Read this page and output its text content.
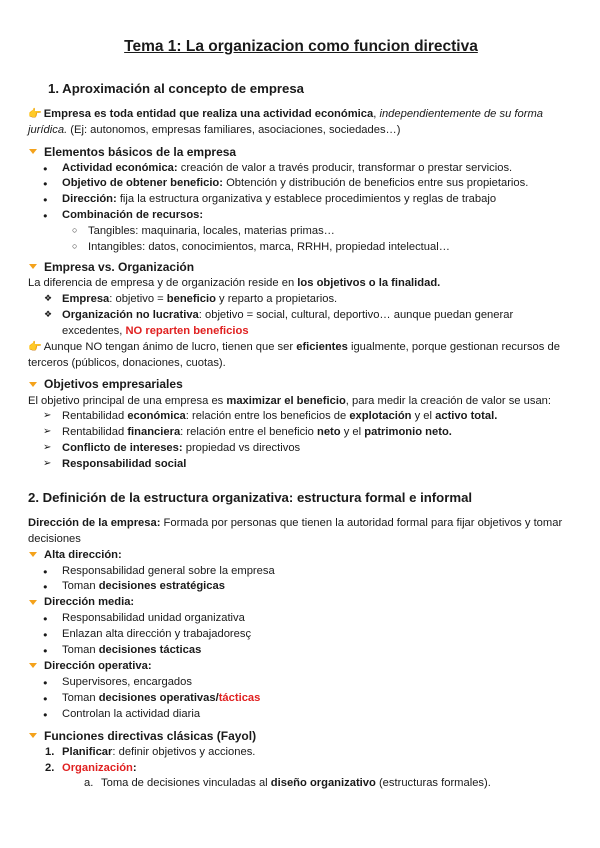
Tema 1: La organizacion como funcion directiva
1. Aproximación al concepto de empresa

👉 Empresa es toda entidad que realiza una actividad económica, independientemente de su forma jurídica. (Ej: autonomos, empresas familiares, asociaciones, sociedades…)

Elementos básicos de la empresa
● Actividad económica: creación de valor a través producir, transformar o prestar servicios.
● Objetivo de obtener beneficio: Obtención y distribución de beneficios entre sus propietarios.
● Dirección: fija la estructura organizativa y establece procedimientos y reglas de trabajo
● Combinación de recursos:
○ Tangibles: maquinaria, locales, materias primas…
○ Intangibles: datos, conocimientos, marca, RRHH, propiedad intelectual…
Empresa vs. Organización

La diferencia de empresa y de organización reside en los objetivos o la finalidad.

❖ Empresa: objetivo = beneficio y reparto a propietarios.
❖ Organización no lucrativa: objetivo = social, cultural, deportivo… aunque puedan generar excedentes, NO reparten beneficios

👉 Aunque NO tengan ánimo de lucro, tienen que ser eficientes igualmente, porque gestionan recursos de terceros (públicos, donaciones, cuotas).

Objetivos empresariales

El objetivo principal de una empresa es maximizar el beneficio, para medir la creación de valor se usan:

➢ Rentabilidad económica: relación entre los beneficios de explotación y el activo total.
➢ Rentabilidad financiera: relación entre el beneficio neto y el patrimonio neto.
➢ Conflicto de intereses: propiedad vs directivos
➢ Responsabilidad social
2. Definición de la estructura organizativa: estructura formal e informal

Dirección de la empresa: Formada por personas que tienen la autoridad formal para fijar objetivos y tomar decisiones

Alta dirección:
● Responsabilidad general sobre la empresa
● Toman decisiones estratégicas
Dirección media:
● Responsabilidad unidad organizativa
● Enlazan alta dirección y trabajadoresç
● Toman decisiones tácticas
Dirección operativa:
● Supervisores, encargados
● Toman decisiones operativas/tácticas
● Controlan la actividad diaria
Funciones directivas clásicas (Fayol)
1. Planificar: definir objetivos y acciones.
2. Organización:
a. Toma de decisiones vinculadas al diseño organizativo (estructuras formales).
